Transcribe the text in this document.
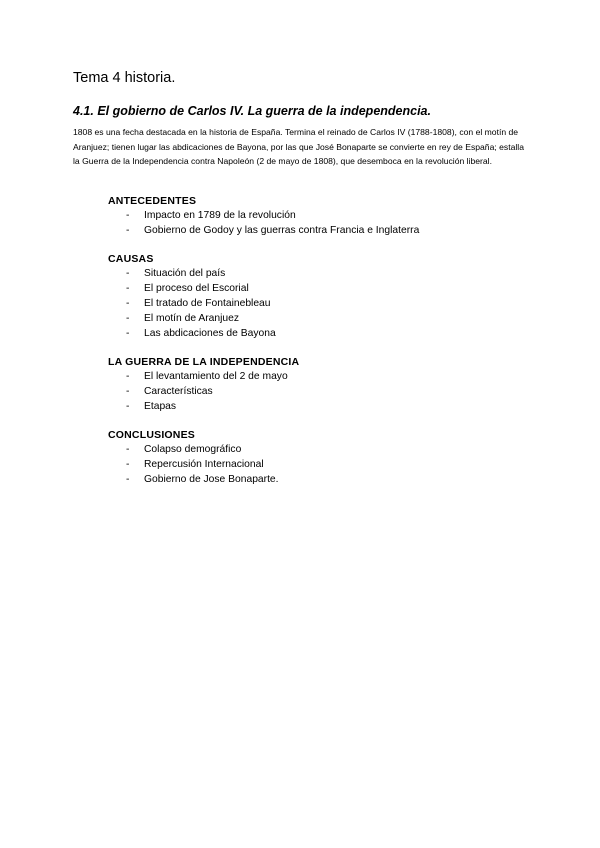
Tema 4 historia.
4.1. El gobierno de Carlos IV. La guerra de la independencia.

1808 es una fecha destacada en la historia de España. Termina el reinado de Carlos IV (1788-1808), con el motín de Aranjuez; tienen lugar las abdicaciones de Bayona, por las que José Bonaparte se convierte en rey de España; estalla la Guerra de la Independencia contra Napoleón (2 de mayo de 1808), que desemboca en la revolución liberal.

ANTECEDENTES
- Impacto en 1789 de la revolución
- Gobierno de Godoy y las guerras contra Francia e Inglaterra
CAUSAS
- Situación del país
- El proceso del Escorial
- El tratado de Fontainebleau
- El motín de Aranjuez
- Las abdicaciones de Bayona
LA GUERRA DE LA INDEPENDENCIA
- El levantamiento del 2 de mayo
- Características
- Etapas
CONCLUSIONES
- Colapso demográfico
- Repercusión Internacional
- Gobierno de Jose Bonaparte.
